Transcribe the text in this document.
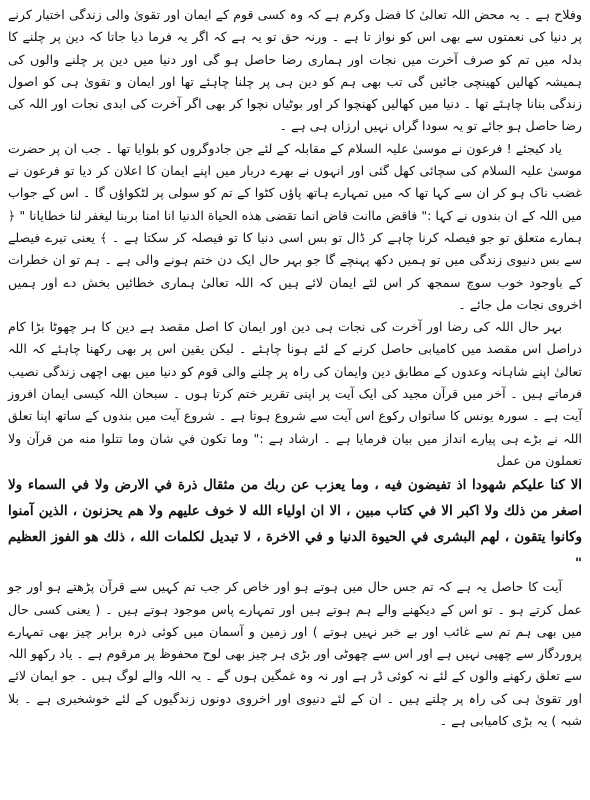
وفلاح ہے ۔ یہ محض اللہ تعالیٰ کا فضل وکرم ہے کہ وہ کسی قوم کے ایمان اور تقویٰ والی زندگی اختیار کرنے پر دنیا کی نعمتوں سے بھی اس کو نواز تا ہے ۔ ورنہ حق تو یہ ہے کہ اگر یہ فرما دیا جاتا کہ دین پر چلنے کا بدلہ میں تم کو صرف آخرت میں نجات اور ہماری رضا حاصل ہو گی اور دنیا میں دین پر چلنے والوں کی ہمیشہ کھالیں کھینچی جائیں گی تب بھی ہم کو دین ہی پر چلنا چاہئے تھا اور ایمان و تقویٰ ہی کو اصول زندگی بنانا چاہئے تھا ۔ دنیا میں کھالیں کھنچوا کر اور بوٹیاں نچوا کر بھی اگر آخرت کی ابدی نجات اور اللہ کی رضا حاصل ہو جائے تو یہ سودا گراں نہیں ارزاں ہی ہے ۔

یاد کیجئے ! فرعون نے موسیٰ علیہ السلام کے مقابلہ کے لئے جن جادوگروں کو بلوایا تھا ۔ جب ان پر حضرت موسیٰ علیہ السلام کی سچائی کھل گئی اور انہوں نے بھرے دربار میں اپنے ایمان کا اعلان کر دیا تو فرعون نے غضب ناک ہو کر ان سے کہا تھا کہ میں تمہارے ہاتھ پاؤں کٹوا کے تم کو سولی پر لٹکواؤں گا ۔ اس کے جواب میں اللہ کے ان بندوں نے کہا :" فاقض ماانت قاض انما تقضى هذه الحياة الدنيا انا امنا بربنا ليغفر لنا خطايانا " ﴿ ہمارے متعلق تو جو فیصلہ کرنا چاہے کر ڈال تو بس اسی دنیا کا تو فیصلہ کر سکتا ہے ۔ ﴾ یعنی تیرے فیصلے سے بس دنیوی زندگی میں تو ہمیں دکھ پہنچے گا جو بہر حال ایک دن ختم ہونے والی ہے ۔ ہم تو ان خطرات کے باوجود خوب سوچ سمجھ کر اس لئے ایمان لائے ہیں کہ اللہ تعالیٰ ہماری خطائیں بخش دے اور ہمیں اخروی نجات مل جائے ۔

بہر حال اللہ کی رضا اور آخرت کی نجات ہی دین اور ایمان کا اصل مقصد ہے دین کا ہر چھوٹا بڑا کام دراصل اس مقصد میں کامیابی حاصل کرنے کے لئے ہونا چاہئے ۔ لیکن یقین اس پر بھی رکھنا چاہئے کہ اللہ تعالیٰ اپنے شاہانہ وعدوں کے مطابق دین وایمان کی راہ پر چلنے والی قوم کو دنیا میں بھی اچھی زندگی نصیب فرماتے ہیں ۔ آخر میں قرآن مجید کی ایک آیت پر اپنی تقریر ختم کرتا ہوں ۔ سبحان اللہ کیسی ایمان افروز آیت ہے ۔ سورہ یونس کا ساتواں رکوع اس آیت سے شروع ہوتا ہے ۔ شروع آیت میں بندوں کے ساتھ اپنا تعلق اللہ نے بڑے ہی پیارے انداز میں بیان فرمایا ہے ۔ ارشاد ہے :" وما تكون في شان وما تتلوا منه من قرآن ولا تعملون من عمل

الا كنا عليكم شهودا اذ تفيضون فيه ، وما يعزب عن ربك من مثقال ذرة في الارض ولا في السماء ولا اصغر من ذلك ولا اكبر الا في كتاب مبين ، الا ان اولياء الله لا خوف عليهم ولا هم يحزنون ، الذين آمنوا وكانوا يتقون ، لهم البشرى في الحيوة الدنيا و في الاخرة ، لا تبديل لكلمات الله ، ذلك هو الفوز العظيم "

آیت کا حاصل یہ ہے کہ تم جس حال میں ہوتے ہو اور خاص کر جب تم کہیں سے قرآن پڑھتے ہو اور جو عمل کرتے ہو ۔ تو اس کے دیکھنے والے ہم ہوتے ہیں اور تمہارے پاس موجود ہوتے ہیں ۔ ( یعنی کسی حال میں بھی ہم تم سے غائب اور بے خبر نہیں ہوتے ) اور زمین و آسمان میں کوئی ذرہ برابر چیز بھی تمہارے پروردگار سے چھپی نہیں ہے اور اس سے چھوٹی اور بڑی ہر چیز بھی لوح محفوظ پر مرقوم ہے ۔ یاد رکھو اللہ سے تعلق رکھنے والوں کے لئے نہ کوئی ڈر ہے اور نہ وہ غمگین ہوں گے ۔ یہ اللہ والے لوگ ہیں ۔ جو ایمان لائے اور تقویٰ ہی کی راہ پر چلتے ہیں ۔ ان کے لئے دنیوی اور اخروی دونوں زندگیوں کے لئے خوشخبری ہے ۔ بلا شبہ ) یہ بڑی کامیابی ہے ۔
